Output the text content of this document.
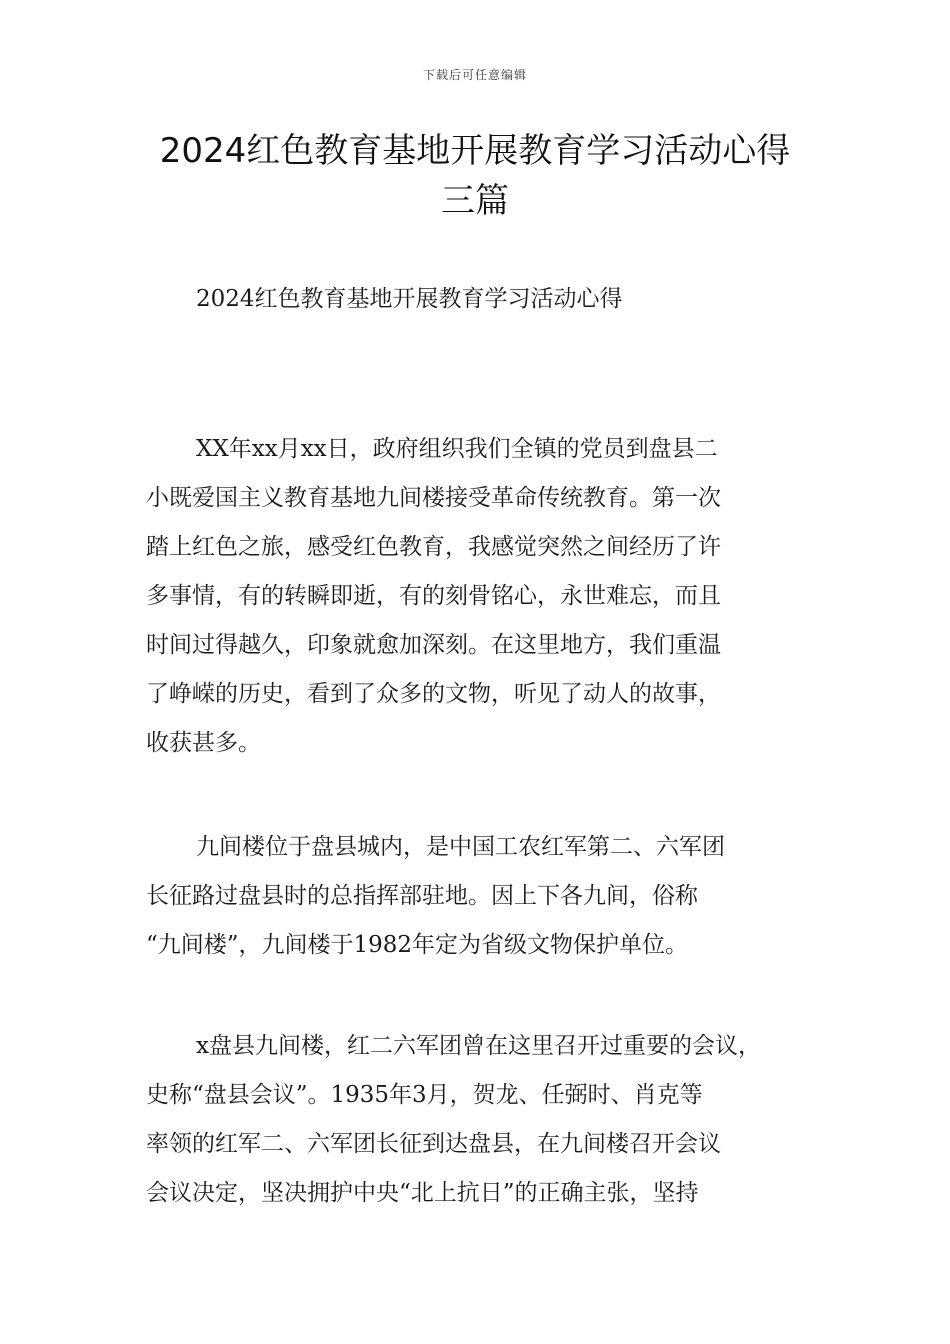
下载后可任意编辑
2024红色教育基地开展教育学习活动心得
三篇
2024红色教育基地开展教育学习活动心得
XX年xx月xx日，政府组织我们全镇的党员到盘县二
小既爱国主义教育基地九间楼接受革命传统教育。第一次
踏上红色之旅，感受红色教育，我感觉突然之间经历了许
多事情，有的转瞬即逝，有的刻骨铭心，永世难忘，而且
时间过得越久，印象就愈加深刻。在这里地方，我们重温
了峥嵘的历史，看到了众多的文物，听见了动人的故事，
收获甚多。
九间楼位于盘县城内，是中国工农红军第二、六军团
长征路过盘县时的总指挥部驻地。因上下各九间，俗称
“九间楼”，九间楼于1982年定为省级文物保护单位。
x盘县九间楼，红二六军团曾在这里召开过重要的会议，
史称“盘县会议”。1935年3月，贺龙、任弼时、肖克等
率领的红军二、六军团长征到达盘县，在九间楼召开会议
会议决定，坚决拥护中央“北上抗日”的正确主张，坚持
